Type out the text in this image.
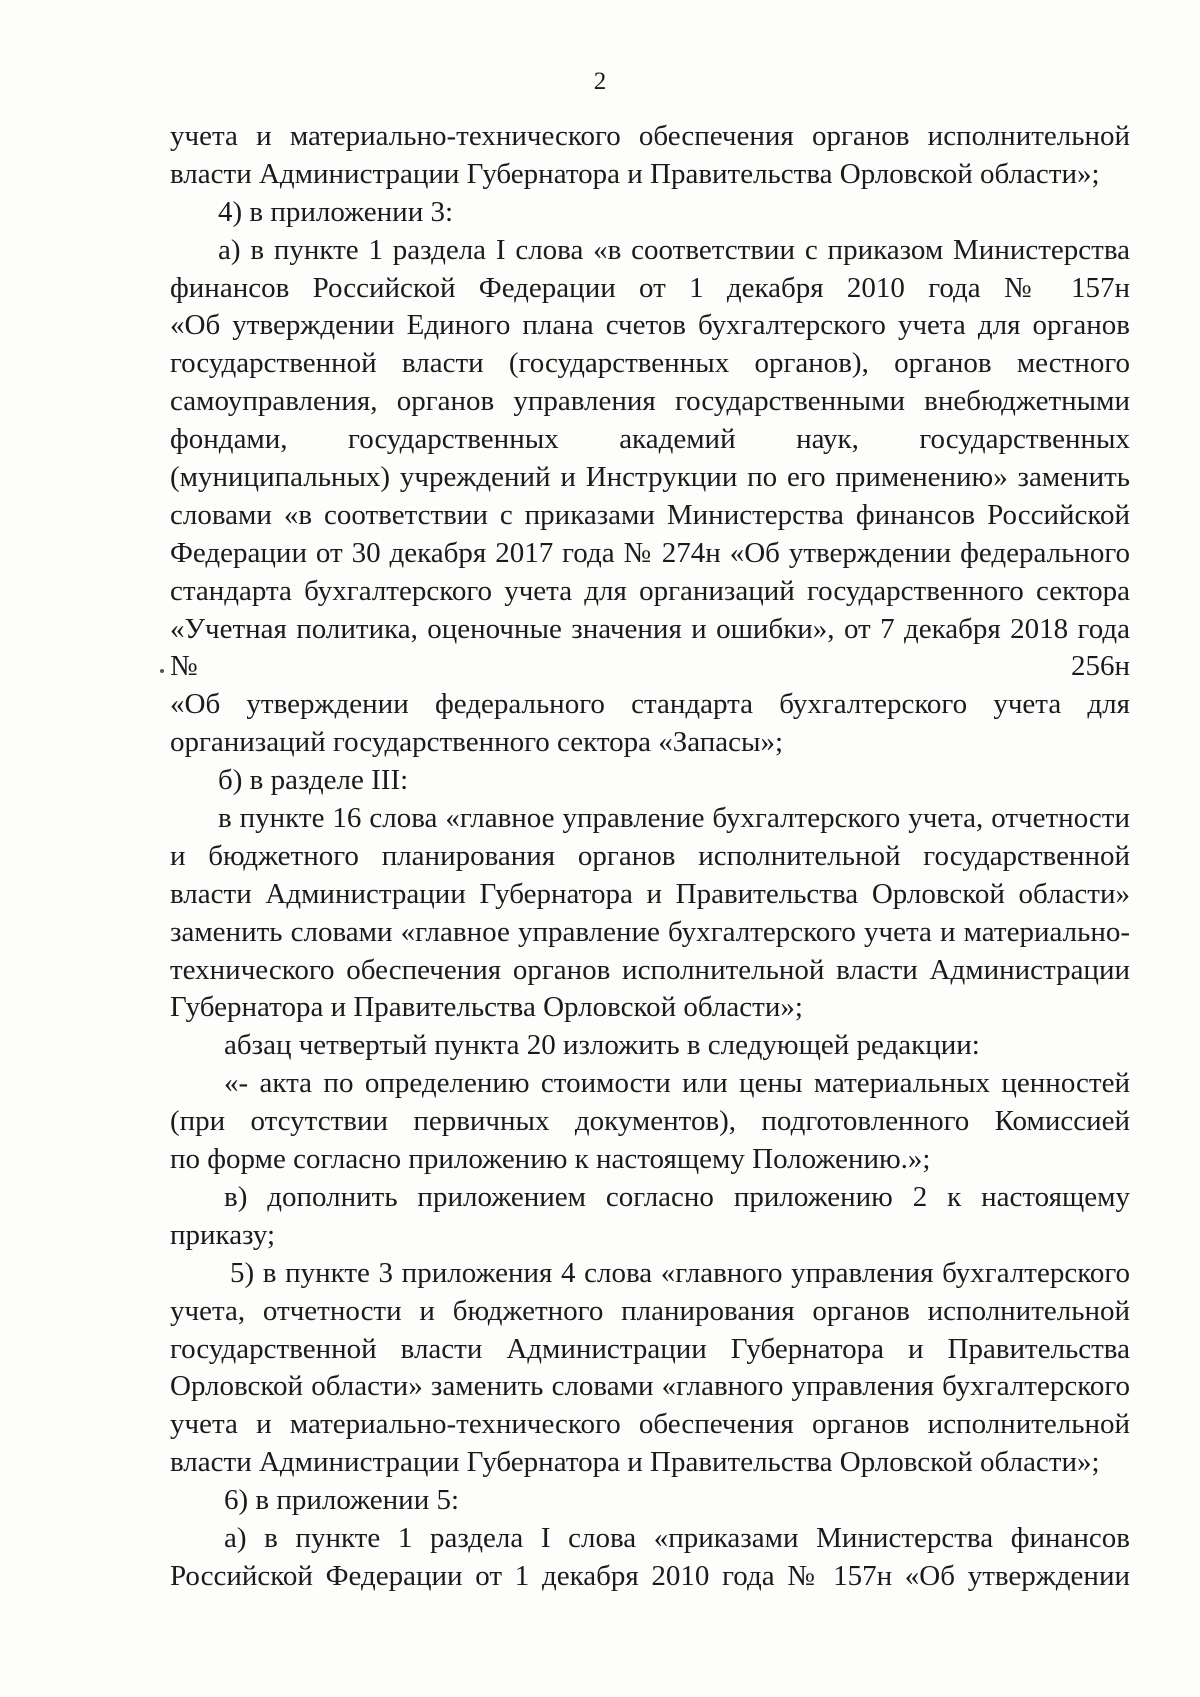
2
учета и материально-технического обеспечения органов исполнительной
власти Администрации Губернатора и Правительства Орловской области»;
4) в приложении 3:
а) в пункте 1 раздела I слова «в соответствии с приказом Министерства
финансов Российской Федерации от 1 декабря 2010 года № 157н
«Об утверждении Единого плана счетов бухгалтерского учета для органов
государственной власти (государственных органов), органов местного
самоуправления, органов управления государственными внебюджетными
фондами, государственных академий наук, государственных
(муниципальных) учреждений и Инструкции по его применению» заменить
словами «в соответствии с приказами Министерства финансов Российской
Федерации от 30 декабря 2017 года № 274н «Об утверждении федерального
стандарта бухгалтерского учета для организаций государственного сектора
«Учетная политика, оценочные значения и ошибки», от 7 декабря 2018 года
№	256н
«Об утверждении федерального стандарта бухгалтерского учета для
организаций государственного сектора «Запасы»;
б) в разделе III:
в пункте 16 слова «главное управление бухгалтерского учета, отчетности
и бюджетного планирования органов исполнительной государственной
власти Администрации Губернатора и Правительства Орловской области»
заменить словами «главное управление бухгалтерского учета и материально-
технического обеспечения органов исполнительной власти Администрации
Губернатора и Правительства Орловской области»;
абзац четвертый пункта 20 изложить в следующей редакции:
«- акта по определению стоимости или цены материальных ценностей
(при отсутствии первичных документов), подготовленного Комиссией
по форме согласно приложению к настоящему Положению.»;
в) дополнить приложением согласно приложению 2 к настоящему
приказу;
5) в пункте 3 приложения 4 слова «главного управления бухгалтерского
учета, отчетности и бюджетного планирования органов исполнительной
государственной власти Администрации Губернатора и Правительства
Орловской области» заменить словами «главного управления бухгалтерского
учета и материально-технического обеспечения органов исполнительной
власти Администрации Губернатора и Правительства Орловской области»;
6) в приложении 5:
а) в пункте 1 раздела I слова «приказами Министерства финансов
Российской Федерации от 1 декабря 2010 года № 157н «Об утверждении
